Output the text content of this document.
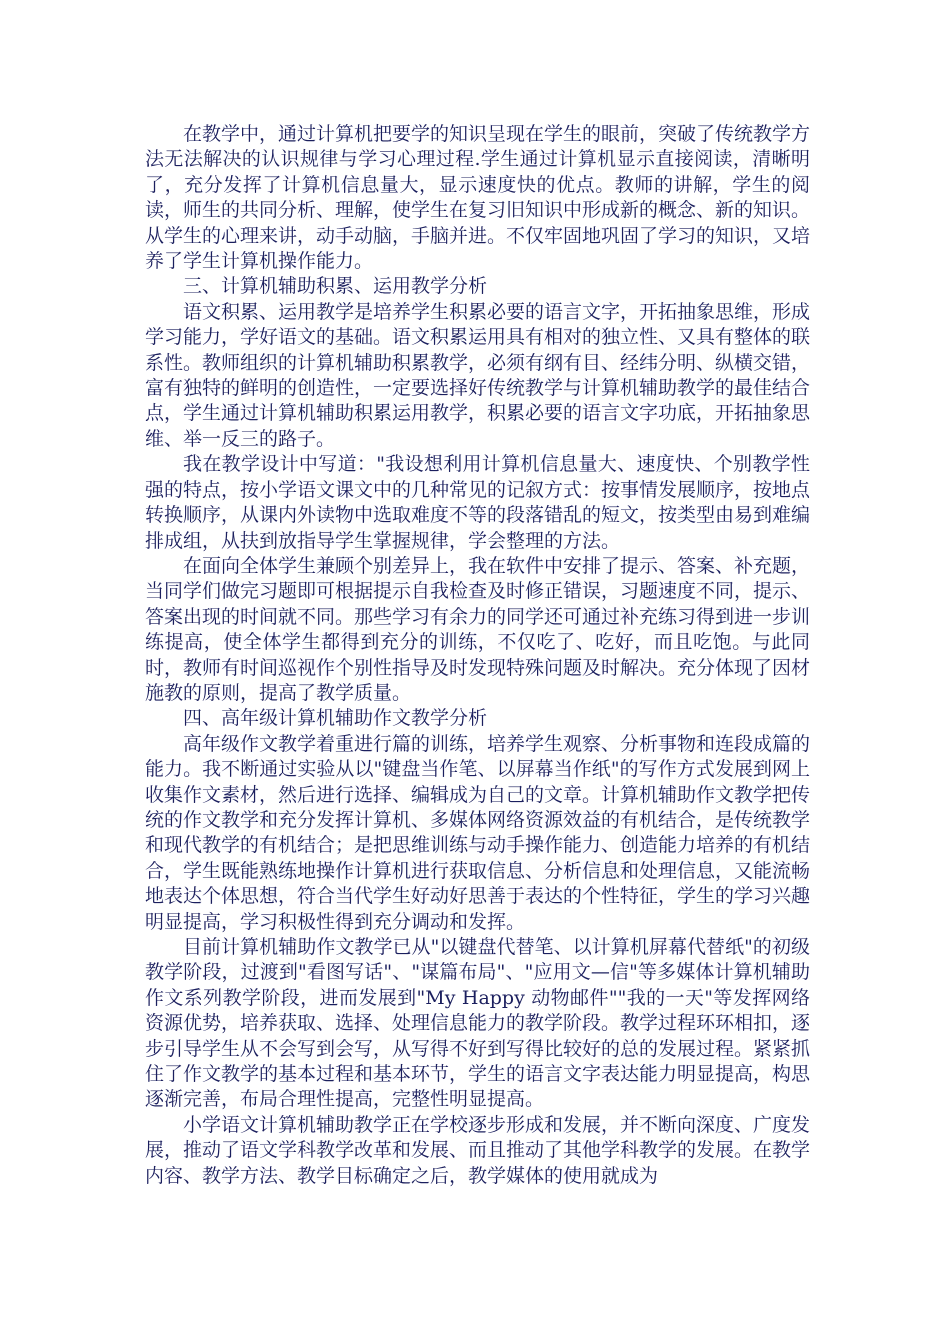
在教学中，通过计算机把要学的知识呈现在学生的眼前，突破了传统教学方法无法解决的认识规律与学习心理过程.学生通过计算机显示直接阅读，清晰明了，充分发挥了计算机信息量大，显示速度快的优点。教师的讲解，学生的阅读，师生的共同分析、理解，使学生在复习旧知识中形成新的概念、新的知识。从学生的心理来讲，动手动脑，手脑并进。不仅牢固地巩固了学习的知识，又培养了学生计算机操作能力。

三、计算机辅助积累、运用教学分析

语文积累、运用教学是培养学生积累必要的语言文字，开拓抽象思维，形成学习能力，学好语文的基础。语文积累运用具有相对的独立性、又具有整体的联系性。教师组织的计算机辅助积累教学，必须有纲有目、经纬分明、纵横交错，富有独特的鲜明的创造性，一定要选择好传统教学与计算机辅助教学的最佳结合点，学生通过计算机辅助积累运用教学，积累必要的语言文字功底，开拓抽象思维、举一反三的路子。

我在教学设计中写道："我设想利用计算机信息量大、速度快、个别教学性强的特点，按小学语文课文中的几种常见的记叙方式：按事情发展顺序，按地点转换顺序，从课内外读物中选取难度不等的段落错乱的短文，按类型由易到难编排成组，从扶到放指导学生掌握规律，学会整理的方法。

在面向全体学生兼顾个别差异上，我在软件中安排了提示、答案、补充题，当同学们做完习题即可根据提示自我检查及时修正错误，习题速度不同，提示、答案出现的时间就不同。那些学习有余力的同学还可通过补充练习得到进一步训练提高，使全体学生都得到充分的训练，不仅吃了、吃好，而且吃饱。与此同时，教师有时间巡视作个别性指导及时发现特殊问题及时解决。充分体现了因材施教的原则，提高了教学质量。

四、高年级计算机辅助作文教学分析

高年级作文教学着重进行篇的训练，培养学生观察、分析事物和连段成篇的能力。我不断通过实验从以"键盘当作笔、以屏幕当作纸"的写作方式发展到网上收集作文素材，然后进行选择、编辑成为自己的文章。计算机辅助作文教学把传统的作文教学和充分发挥计算机、多媒体网络资源效益的有机结合，是传统教学和现代教学的有机结合；是把思维训练与动手操作能力、创造能力培养的有机结合，学生既能熟练地操作计算机进行获取信息、分析信息和处理信息，又能流畅地表达个体思想，符合当代学生好动好思善于表达的个性特征，学生的学习兴趣明显提高，学习积极性得到充分调动和发挥。

目前计算机辅助作文教学已从"以键盘代替笔、以计算机屏幕代替纸"的初级教学阶段，过渡到"看图写话"、"谋篇布局"、"应用文—信"等多媒体计算机辅助作文系列教学阶段，进而发展到"My Happy 动物邮件""我的一天"等发挥网络资源优势，培养获取、选择、处理信息能力的教学阶段。教学过程环环相扣，逐步引导学生从不会写到会写，从写得不好到写得比较好的总的发展过程。紧紧抓住了作文教学的基本过程和基本环节，学生的语言文字表达能力明显提高，构思逐渐完善，布局合理性提高，完整性明显提高。

小学语文计算机辅助教学正在学校逐步形成和发展，并不断向深度、广度发展，推动了语文学科教学改革和发展、而且推动了其他学科教学的发展。在教学内容、教学方法、教学目标确定之后，教学媒体的使用就成为
